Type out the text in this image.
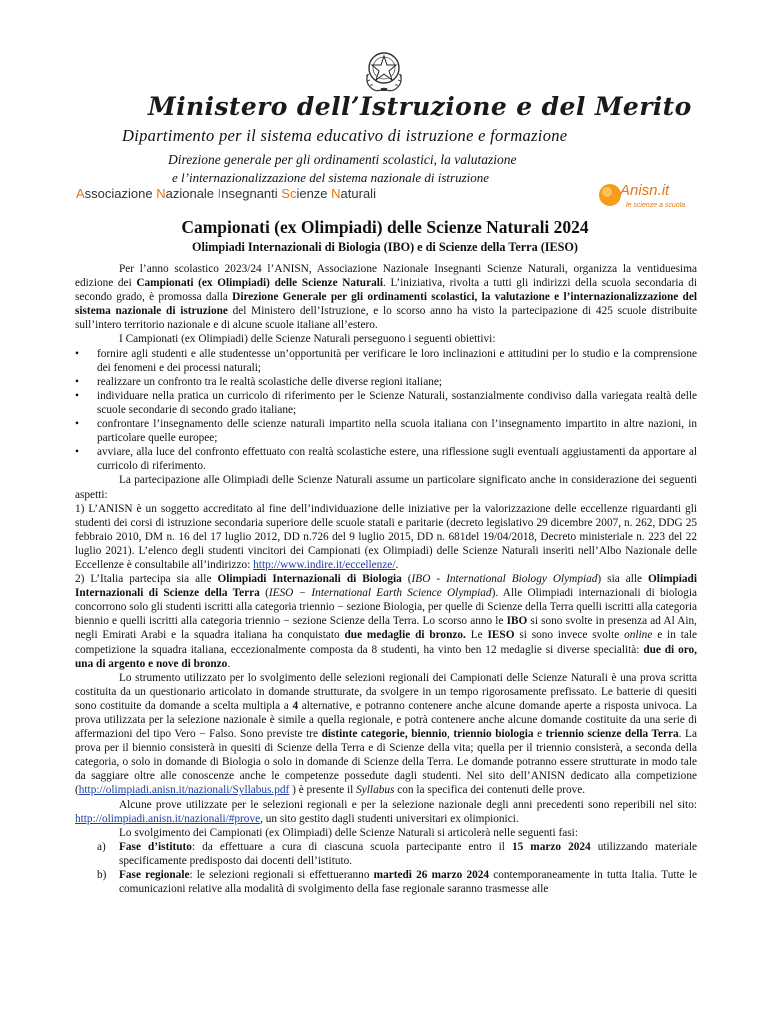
Ministero dell’Istruzione e del Merito
Dipartimento per il sistema educativo di istruzione e formazione
Direzione generale per gli ordinamenti scolastici, la valutazione
e l’internazionalizzazione del sistema nazionale di istruzione
Associazione Nazionale Insegnanti Scienze Naturali	Anisn.it
le scienze a scuola
Campionati (ex Olimpiadi) delle Scienze Naturali 2024
Olimpiadi Internazionali di Biologia (IBO) e di Scienze della Terra (IESO)

Per l’anno scolastico 2023/24 l’ANISN, Associazione Nazionale Insegnanti Scienze Naturali, organizza la ventiduesima edizione dei Campionati (ex Olimpiadi) delle Scienze Naturali. L’iniziativa, rivolta a tutti gli indirizzi della scuola secondaria di secondo grado, è promossa dalla Direzione Generale per gli ordinamenti scolastici, la valutazione e l’internazionalizzazione del sistema nazionale di istruzione del Ministero dell’Istruzione, e lo scorso anno ha visto la partecipazione di 425 scuole distribuite sull’intero territorio nazionale e di alcune scuole italiane all’estero.

I Campionati (ex Olimpiadi) delle Scienze Naturali perseguono i seguenti obiettivi:

• fornire agli studenti e alle studentesse un’opportunità per verificare le loro inclinazioni e attitudini per lo studio e la comprensione dei fenomeni e dei processi naturali;

• realizzare un confronto tra le realtà scolastiche delle diverse regioni italiane;

• individuare nella pratica un curricolo di riferimento per le Scienze Naturali, sostanzialmente condiviso dalla variegata realtà delle scuole secondarie di secondo grado italiane;

• confrontare l’insegnamento delle scienze naturali impartito nella scuola italiana con l’insegnamento impartito in altre nazioni, in particolare quelle europee;

• avviare, alla luce del confronto effettuato con realtà scolastiche estere, una riflessione sugli eventuali aggiustamenti da apportare al curricolo di riferimento.

La partecipazione alle Olimpiadi delle Scienze Naturali assume un particolare significato anche in considerazione dei seguenti aspetti:

1) L’ANISN è un soggetto accreditato al fine dell’individuazione delle iniziative per la valorizzazione delle eccellenze riguardanti gli studenti dei corsi di istruzione secondaria superiore delle scuole statali e paritarie (decreto legislativo 29 dicembre 2007, n. 262, DDG 25 febbraio 2010, DM n. 16 del 17 luglio 2012, DD n.726 del 9 luglio 2015, DD n. 681del 19/04/2018, Decreto ministeriale n. 223 del 22 luglio 2021). L’elenco degli studenti vincitori dei Campionati (ex Olimpiadi) delle Scienze Naturali inseriti nell’Albo Nazionale delle Eccellenze è consultabile all’indirizzo: http://www.indire.it/eccellenze/.

2) L’Italia partecipa sia alle Olimpiadi Internazionali di Biologia (IBO - International Biology Olympiad) sia alle Olimpiadi Internazionali di Scienze della Terra (IESO − International Earth Science Olympiad). Alle Olimpiadi internazionali di biologia concorrono solo gli studenti iscritti alla categoria triennio − sezione Biologia, per quelle di Scienze della Terra quelli iscritti alla categoria biennio e quelli iscritti alla categoria triennio − sezione Scienze della Terra. Lo scorso anno le IBO si sono svolte in presenza ad Al Ain, negli Emirati Arabi e la squadra italiana ha conquistato due medaglie di bronzo. Le IESO si sono invece svolte online e in tale competizione la squadra italiana, eccezionalmente composta da 8 studenti, ha vinto ben 12 medaglie si diverse specialità: due di oro, una di argento e nove di bronzo.

Lo strumento utilizzato per lo svolgimento delle selezioni regionali dei Campionati delle Scienze Naturali è una prova scritta costituita da un questionario articolato in domande strutturate, da svolgere in un tempo rigorosamente prefissato. Le batterie di quesiti sono costituite da domande a scelta multipla a 4 alternative, e potranno contenere anche alcune domande aperte a risposta univoca. La prova utilizzata per la selezione nazionale è simile a quella regionale, e potrà contenere anche alcune domande costituite da una serie di affermazioni del tipo Vero − Falso. Sono previste tre distinte categorie, biennio, triennio biologia e triennio scienze della Terra. La prova per il biennio consisterà in quesiti di Scienze della Terra e di Scienze della vita; quella per il triennio consisterà, a seconda della categoria, o solo in domande di Biologia o solo in domande di Scienze della Terra. Le domande potranno essere strutturate in modo tale da saggiare oltre alle conoscenze anche le competenze possedute dagli studenti. Nel sito dell’ANISN dedicato alla competizione (http://olimpiadi.anisn.it/nazionali/Syllabus.pdf ) è presente il Syllabus con la specifica dei contenuti delle prove.

Alcune prove utilizzate per le selezioni regionali e per la selezione nazionale degli anni precedenti sono reperibili nel sito: http://olimpiadi.anisn.it/nazionali/#prove, un sito gestito dagli studenti universitari ex olimpionici.

Lo svolgimento dei Campionati (ex Olimpiadi) delle Scienze Naturali si articolerà nelle seguenti fasi:

a) Fase d’istituto: da effettuare a cura di ciascuna scuola partecipante entro il 15 marzo 2024 utilizzando materiale specificamente predisposto dai docenti dell’istituto.

b) Fase regionale: le selezioni regionali si effettueranno martedì 26 marzo 2024 contemporaneamente in tutta Italia. Tutte le comunicazioni relative alla modalità di svolgimento della fase regionale saranno trasmesse alle
